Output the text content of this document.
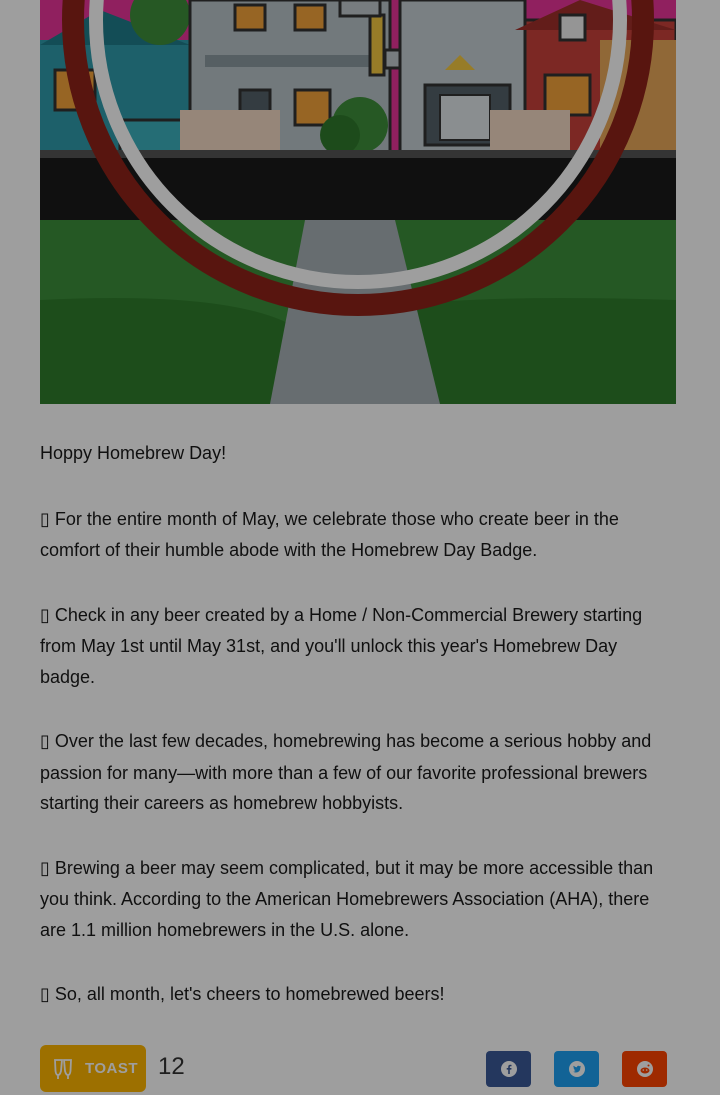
Hoppy Homebrew Day!

▯ For the entire month of May, we celebrate those who create beer in the comfort of their humble abode with the Homebrew Day Badge.

▯ Check in any beer created by a Home / Non-Commercial Brewery starting from May 1st until May 31st, and you'll unlock this year's Homebrew Day badge.

▯ Over the last few decades, homebrewing has become a serious hobby and passion for many—with more than a few of our favorite professional brewers starting their careers as homebrew hobbyists.

▯ Brewing a beer may seem complicated, but it may be more accessible than you think. According to the American Homebrewers Association (AHA), there are 1.1 million homebrewers in the U.S. alone.

▯ So, all month, let's cheers to homebrewed beers!

TOAST 12
